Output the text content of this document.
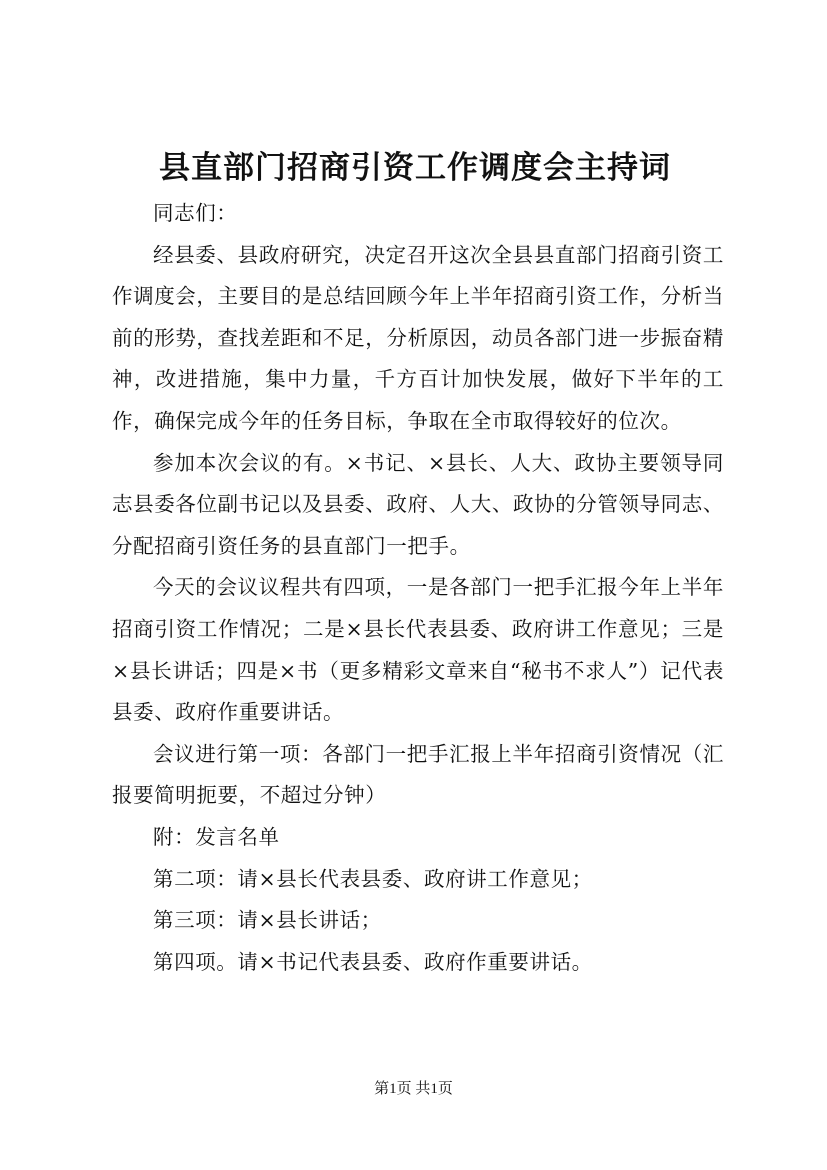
县直部门招商引资工作调度会主持词

同志们：

经县委、县政府研究，决定召开这次全县县直部门招商引资工作调度会，主要目的是总结回顾今年上半年招商引资工作，分析当前的形势，查找差距和不足，分析原因，动员各部门进一步振奋精神，改进措施，集中力量，千方百计加快发展，做好下半年的工作，确保完成今年的任务目标，争取在全市取得较好的位次。

参加本次会议的有。×书记、×县长、人大、政协主要领导同志县委各位副书记以及县委、政府、人大、政协的分管领导同志、分配招商引资任务的县直部门一把手。

今天的会议议程共有四项，一是各部门一把手汇报今年上半年招商引资工作情况；二是×县长代表县委、政府讲工作意见；三是×县长讲话；四是×书（更多精彩文章来自“秘书不求人”）记代表县委、政府作重要讲话。

会议进行第一项：各部门一把手汇报上半年招商引资情况（汇报要简明扼要，不超过分钟）

附：发言名单

第二项：请×县长代表县委、政府讲工作意见；

第三项：请×县长讲话；

第四项。请×书记代表县委、政府作重要讲话。

第1页 共1页
